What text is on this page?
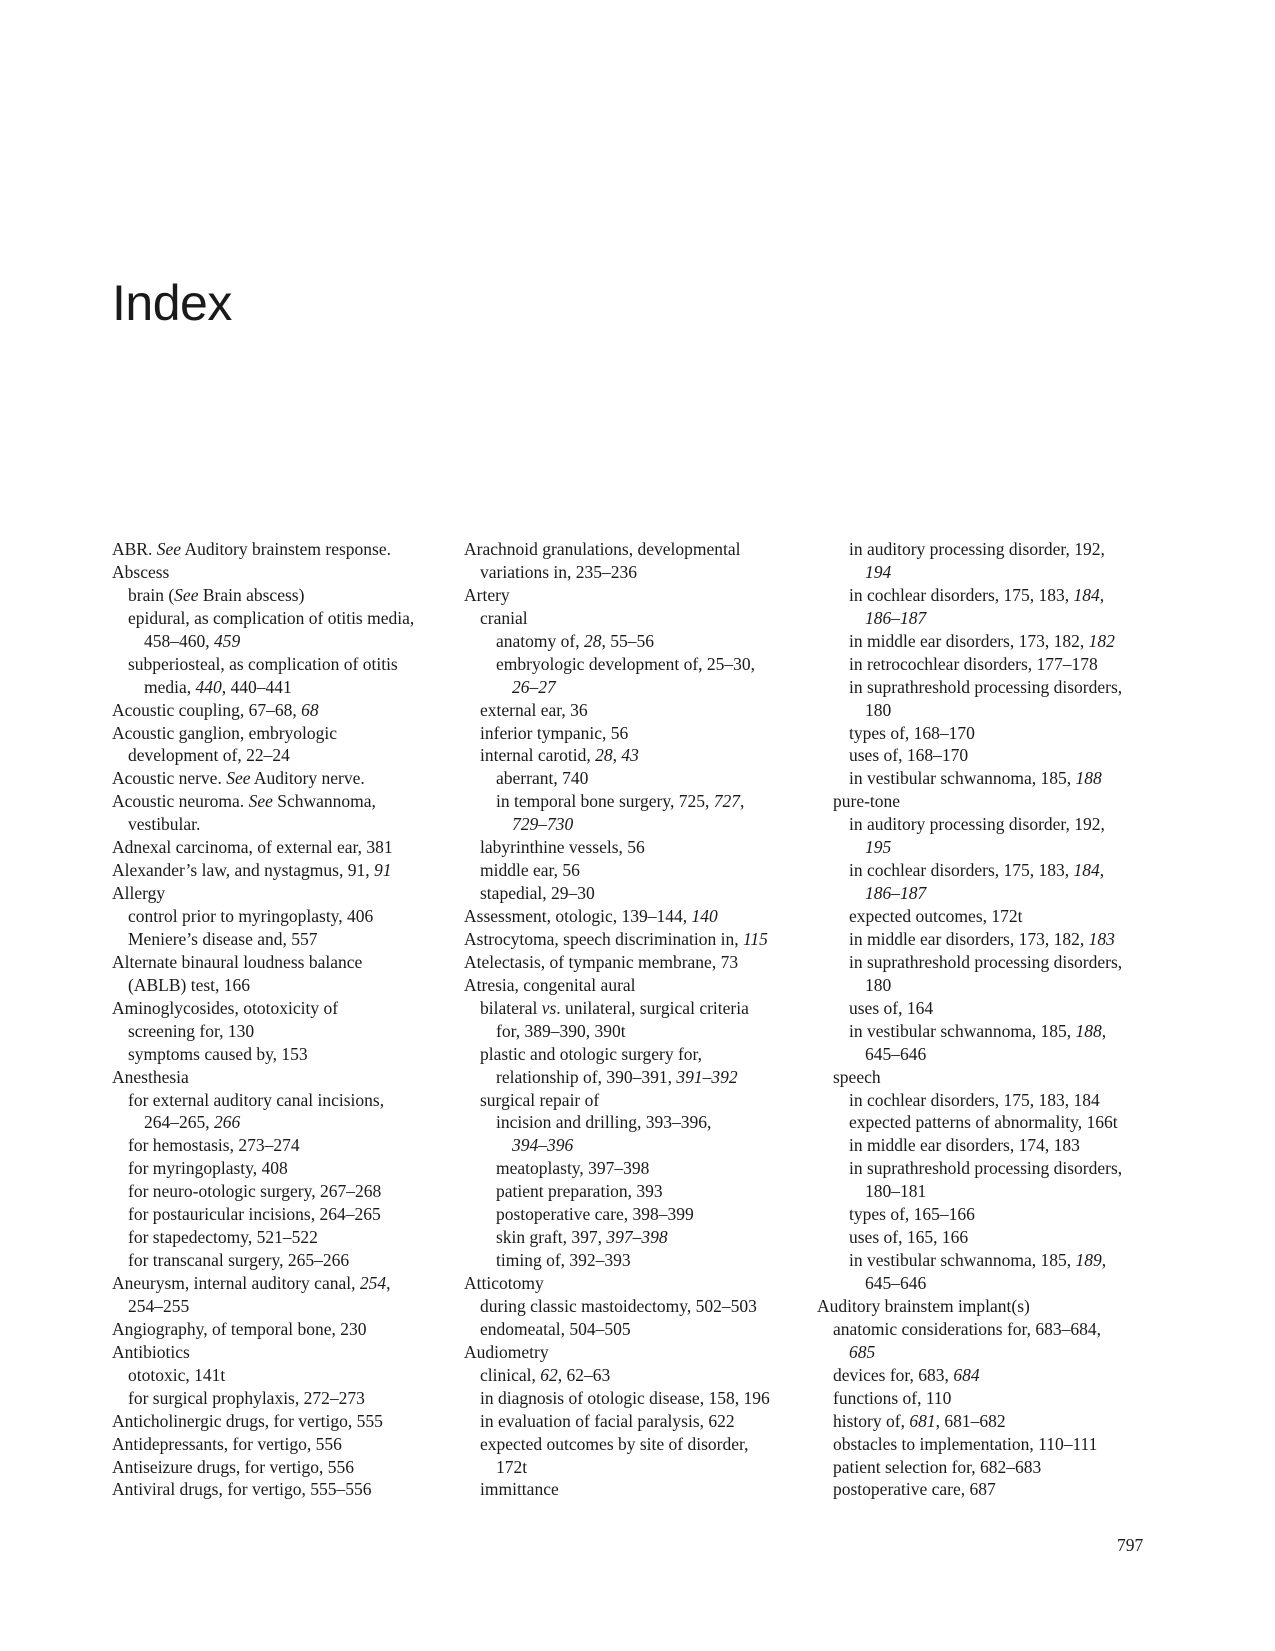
Index
ABR. See Auditory brainstem response.
Abscess
brain (See Brain abscess)
epidural, as complication of otitis media,
458–460, 459
subperiosteal, as complication of otitis
media, 440, 440–441
Acoustic coupling, 67–68, 68
Acoustic ganglion, embryologic
development of, 22–24
Acoustic nerve. See Auditory nerve.
Acoustic neuroma. See Schwannoma,
vestibular.
Adnexal carcinoma, of external ear, 381
Alexander’s law, and nystagmus, 91, 91
Allergy
control prior to myringoplasty, 406
Meniere’s disease and, 557
Alternate binaural loudness balance
(ABLB) test, 166
Aminoglycosides, ototoxicity of
screening for, 130
symptoms caused by, 153
Anesthesia
for external auditory canal incisions,
264–265, 266
for hemostasis, 273–274
for myringoplasty, 408
for neuro-otologic surgery, 267–268
for postauricular incisions, 264–265
for stapedectomy, 521–522
for transcanal surgery, 265–266
Aneurysm, internal auditory canal, 254,
254–255
Angiography, of temporal bone, 230
Antibiotics
ototoxic, 141t
for surgical prophylaxis, 272–273
Anticholinergic drugs, for vertigo, 555
Antidepressants, for vertigo, 556
Antiseizure drugs, for vertigo, 556
Antiviral drugs, for vertigo, 555–556
Arachnoid granulations, developmental
variations in, 235–236
Artery
cranial
anatomy of, 28, 55–56
embryologic development of, 25–30,
26–27
external ear, 36
inferior tympanic, 56
internal carotid, 28, 43
aberrant, 740
in temporal bone surgery, 725, 727,
729–730
labyrinthine vessels, 56
middle ear, 56
stapedial, 29–30
Assessment, otologic, 139–144, 140
Astrocytoma, speech discrimination in, 115
Atelectasis, of tympanic membrane, 73
Atresia, congenital aural
bilateral vs. unilateral, surgical criteria
for, 389–390, 390t
plastic and otologic surgery for,
relationship of, 390–391, 391–392
surgical repair of
incision and drilling, 393–396,
394–396
meatoplasty, 397–398
patient preparation, 393
postoperative care, 398–399
skin graft, 397, 397–398
timing of, 392–393
Atticotomy
during classic mastoidectomy, 502–503
endomeatal, 504–505
Audiometry
clinical, 62, 62–63
in diagnosis of otologic disease, 158, 196
in evaluation of facial paralysis, 622
expected outcomes by site of disorder,
172t
immittance
in auditory processing disorder, 192,
194
in cochlear disorders, 175, 183, 184,
186–187
in middle ear disorders, 173, 182, 182
in retrocochlear disorders, 177–178
in suprathreshold processing disorders,
180
types of, 168–170
uses of, 168–170
in vestibular schwannoma, 185, 188
pure-tone
in auditory processing disorder, 192,
195
in cochlear disorders, 175, 183, 184,
186–187
expected outcomes, 172t
in middle ear disorders, 173, 182, 183
in suprathreshold processing disorders,
180
uses of, 164
in vestibular schwannoma, 185, 188,
645–646
speech
in cochlear disorders, 175, 183, 184
expected patterns of abnormality, 166t
in middle ear disorders, 174, 183
in suprathreshold processing disorders,
180–181
types of, 165–166
uses of, 165, 166
in vestibular schwannoma, 185, 189,
645–646
Auditory brainstem implant(s)
anatomic considerations for, 683–684,
685
devices for, 683, 684
functions of, 110
history of, 681, 681–682
obstacles to implementation, 110–111
patient selection for, 682–683
postoperative care, 687
797
